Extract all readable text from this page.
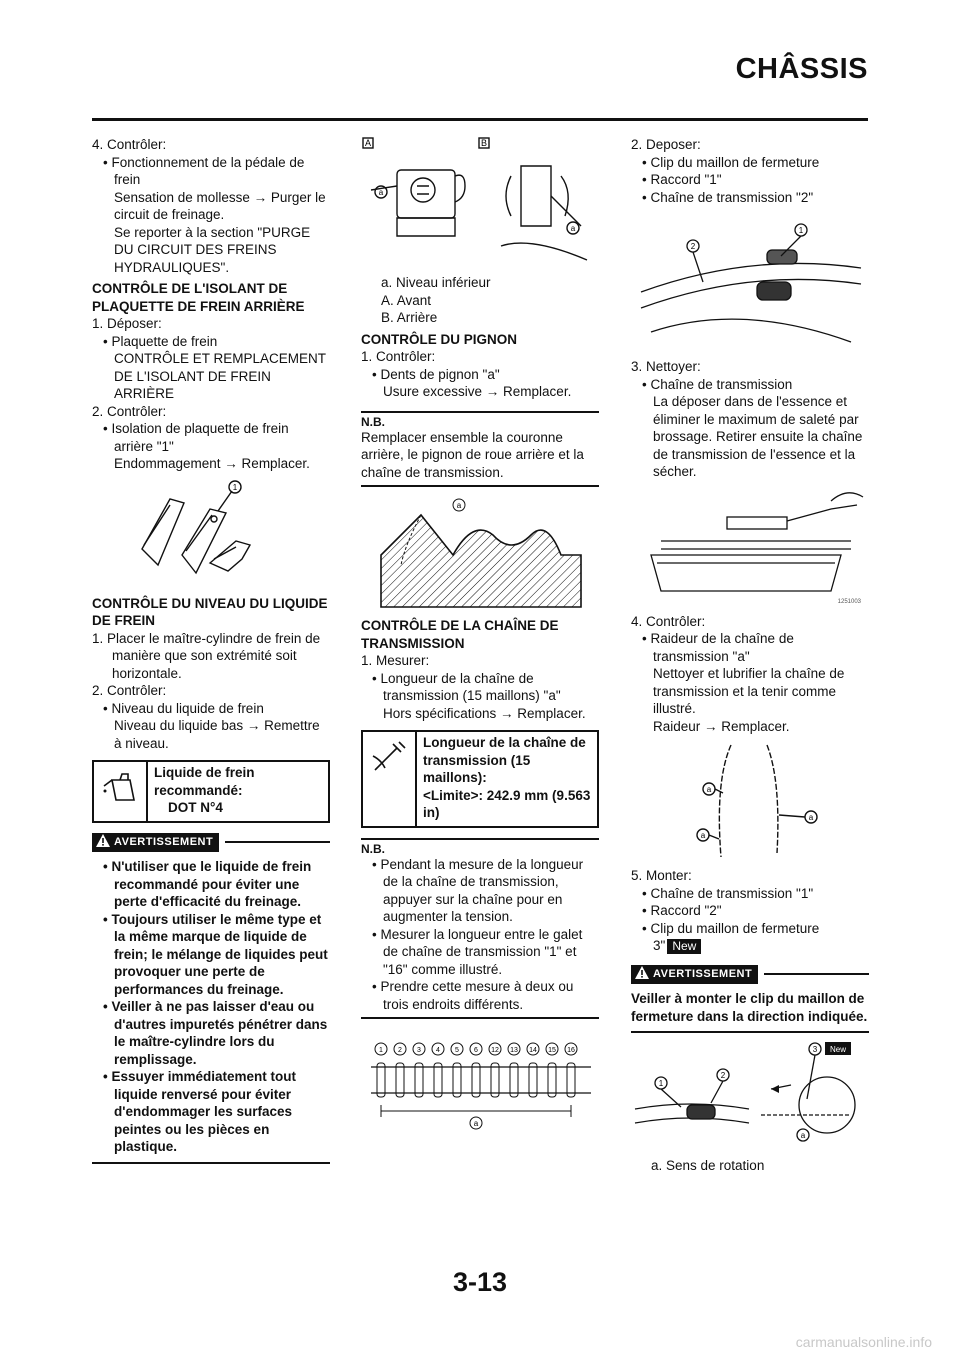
CHÂSSIS
4. Contrôler:
• Fonctionnement de la pédale de frein
Sensation de mollesse → Purger le circuit de freinage.
Se reporter à la section "PURGE DU CIRCUIT DES FREINS HYDRAULIQUES".
CONTRÔLE DE L'ISOLANT DE PLAQUETTE DE FREIN ARRIÈRE
1. Déposer:
• Plaquette de frein
CONTRÔLE ET REMPLACEMENT DE L'ISOLANT DE FREIN ARRIÈRE
2. Contrôler:
• Isolation de plaquette de frein arrière "1"
Endommagement → Remplacer.
1
CONTRÔLE DU NIVEAU DU LIQUIDE DE FREIN
1. Placer le maître-cylindre de frein de manière que son extrémité soit horizontale.
2. Contrôler:
• Niveau du liquide de frein
Niveau du liquide bas → Remettre à niveau.
Liquide de frein recommandé:
DOT N°4
AVERTISSEMENT
• N'utiliser que le liquide de frein recommandé pour éviter une perte d'efficacité du freinage.
• Toujours utiliser le même type et la même marque de liquide de frein; le mélange de liquides peut provoquer une perte de performances du freinage.
• Veiller à ne pas laisser d'eau ou d'autres impuretés pénétrer dans le maître-cylindre lors du remplissage.
• Essuyer immédiatement tout liquide renversé pour éviter d'endommager les surfaces peintes ou les pièces en plastique.
A	B
a
a
a. Niveau inférieur
A. Avant
B. Arrière
CONTRÔLE DU PIGNON
1. Contrôler:
• Dents de pignon "a"
Usure excessive → Remplacer.
N.B.
Remplacer ensemble la couronne arrière, le pignon de roue arrière et la chaîne de transmission.
a
CONTRÔLE DE LA CHAÎNE DE TRANSMISSION
1. Mesurer:
• Longueur de la chaîne de transmission (15 maillons) "a"
Hors spécifications → Remplacer.
Longueur de la chaîne de transmission (15 maillons):
<Limite>: 242.9 mm (9.563 in)
N.B.
• Pendant la mesure de la longueur de la chaîne de transmission, appuyer sur la chaîne pour en augmenter la tension.
• Mesurer la longueur entre le galet de chaîne de transmission "1" et "16" comme illustré.
• Prendre cette mesure à deux ou trois endroits différents.
1 2 3 4 5 6 12 13 14 15 16
a
2. Deposer:
• Clip du maillon de fermeture
• Raccord "1"
• Chaîne de transmission "2"
2
1
3. Nettoyer:
• Chaîne de transmission
La déposer dans de l'essence et éliminer le maximum de saleté par brossage. Retirer ensuite la chaîne de transmission de l'essence et la sécher.
1251003
4. Contrôler:
• Raideur de la chaîne de transmission "a"
Nettoyer et lubrifier la chaîne de transmission et la tenir comme illustré.
Raideur → Remplacer.
a
a
a
5. Monter:
• Chaîne de transmission "1"
• Raccord "2"
• Clip du maillon de fermeture
3" New
AVERTISSEMENT
Veiller à monter le clip du maillon de fermeture dans la direction indiquée.
1
2
3
a
New
a. Sens de rotation
3-13
carmanualsonline.info
